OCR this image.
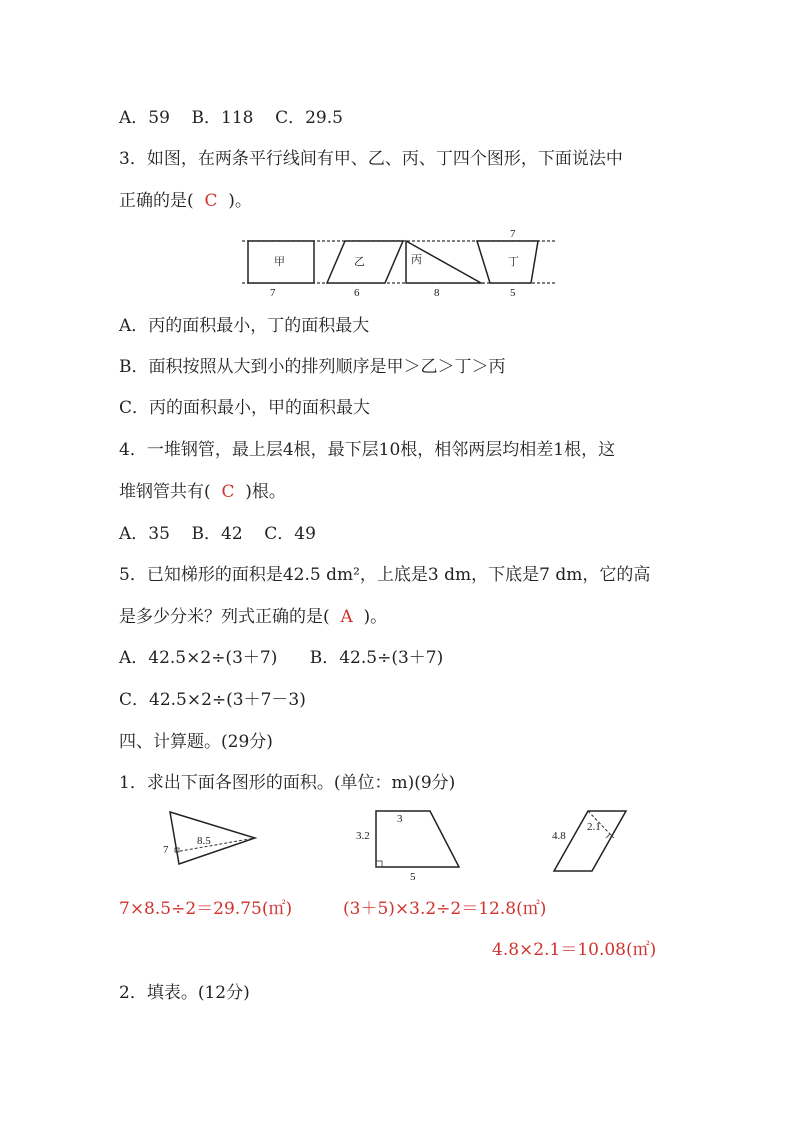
A．59    B．118    C．29.5
3．如图，在两条平行线间有甲、乙、丙、丁四个图形，下面说法中
正确的是(  C  )。
甲	乙	丙	丁
7
7	6	8	5
A．丙的面积最小，丁的面积最大
B．面积按照从大到小的排列顺序是甲＞乙＞丁＞丙
C．丙的面积最小，甲的面积最大
4．一堆钢管，最上层4根，最下层10根，相邻两层均相差1根，这
堆钢管共有(  C  )根。
A．35    B．42    C．49
5．已知梯形的面积是42.5 dm²，上底是3 dm，下底是7 dm，它的高
是多少分米？列式正确的是(  A  )。
A．42.5×2÷(3＋7)      B．42.5÷(3＋7)
C．42.5×2÷(3＋7－3)
四、计算题。(29分)
1．求出下面各图形的面积。(单位：m)(9分)
8.5
7
3
3.2
5
2.1
4.8
7×8.5÷2＝29.75(㎡)	(3＋5)×3.2÷2＝12.8(㎡)
4.8×2.1＝10.08(㎡)
2．填表。(12分)
